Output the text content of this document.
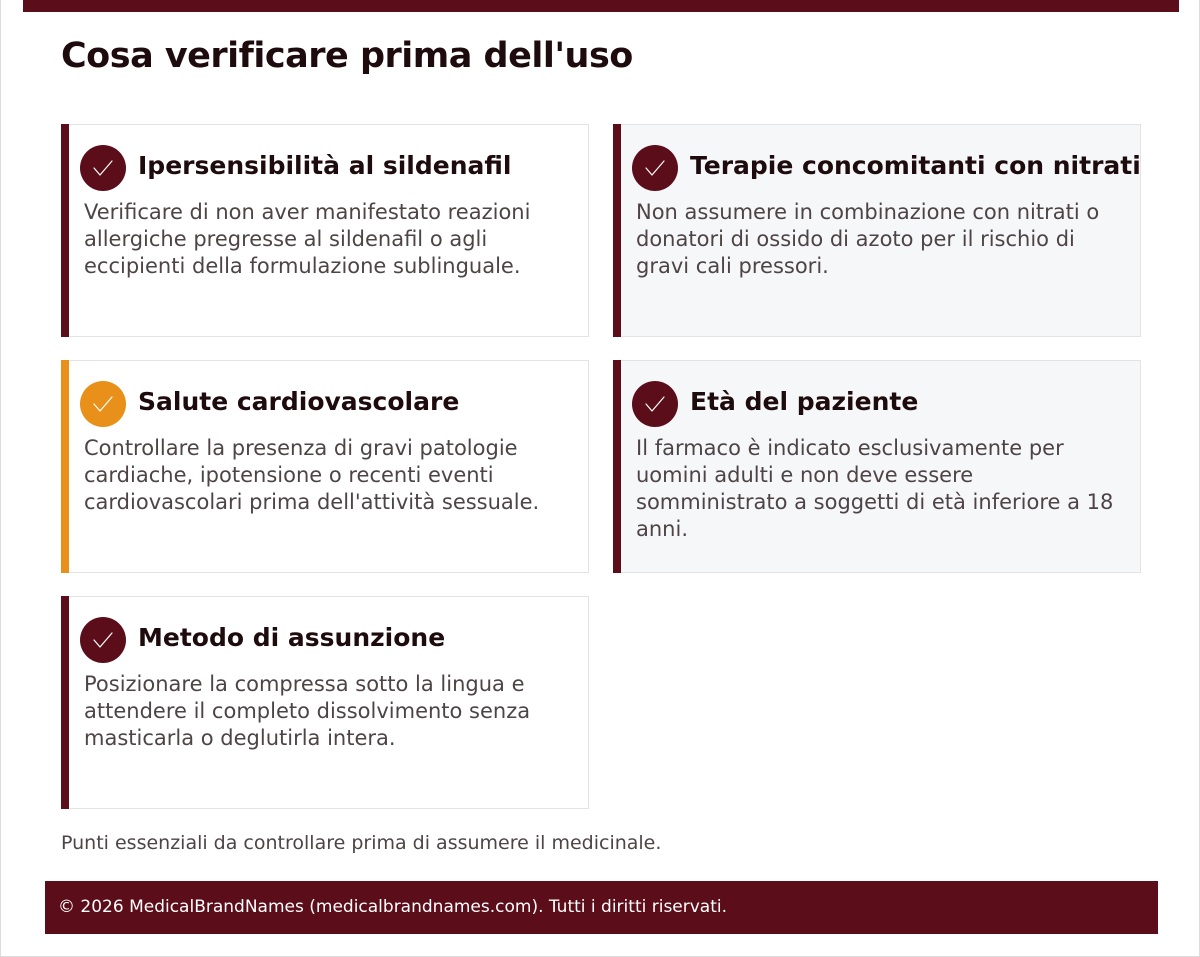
Cosa verificare prima dell'uso
Ipersensibilità al sildenafil
Verificare di non aver manifestato reazioni allergiche pregresse al sildenafil o agli eccipienti della formulazione sublinguale.
Terapie concomitanti con nitrati
Non assumere in combinazione con nitrati o donatori di ossido di azoto per il rischio di gravi cali pressori.
Salute cardiovascolare
Controllare la presenza di gravi patologie cardiache, ipotensione o recenti eventi cardiovascolari prima dell'attività sessuale.
Età del paziente
Il farmaco è indicato esclusivamente per uomini adulti e non deve essere somministrato a soggetti di età inferiore a 18 anni.
Metodo di assunzione
Posizionare la compressa sotto la lingua e attendere il completo dissolvimento senza masticarla o deglutirla intera.

Punti essenziali da controllare prima di assumere il medicinale.

© 2026 MedicalBrandNames (medicalbrandnames.com). Tutti i diritti riservati.
